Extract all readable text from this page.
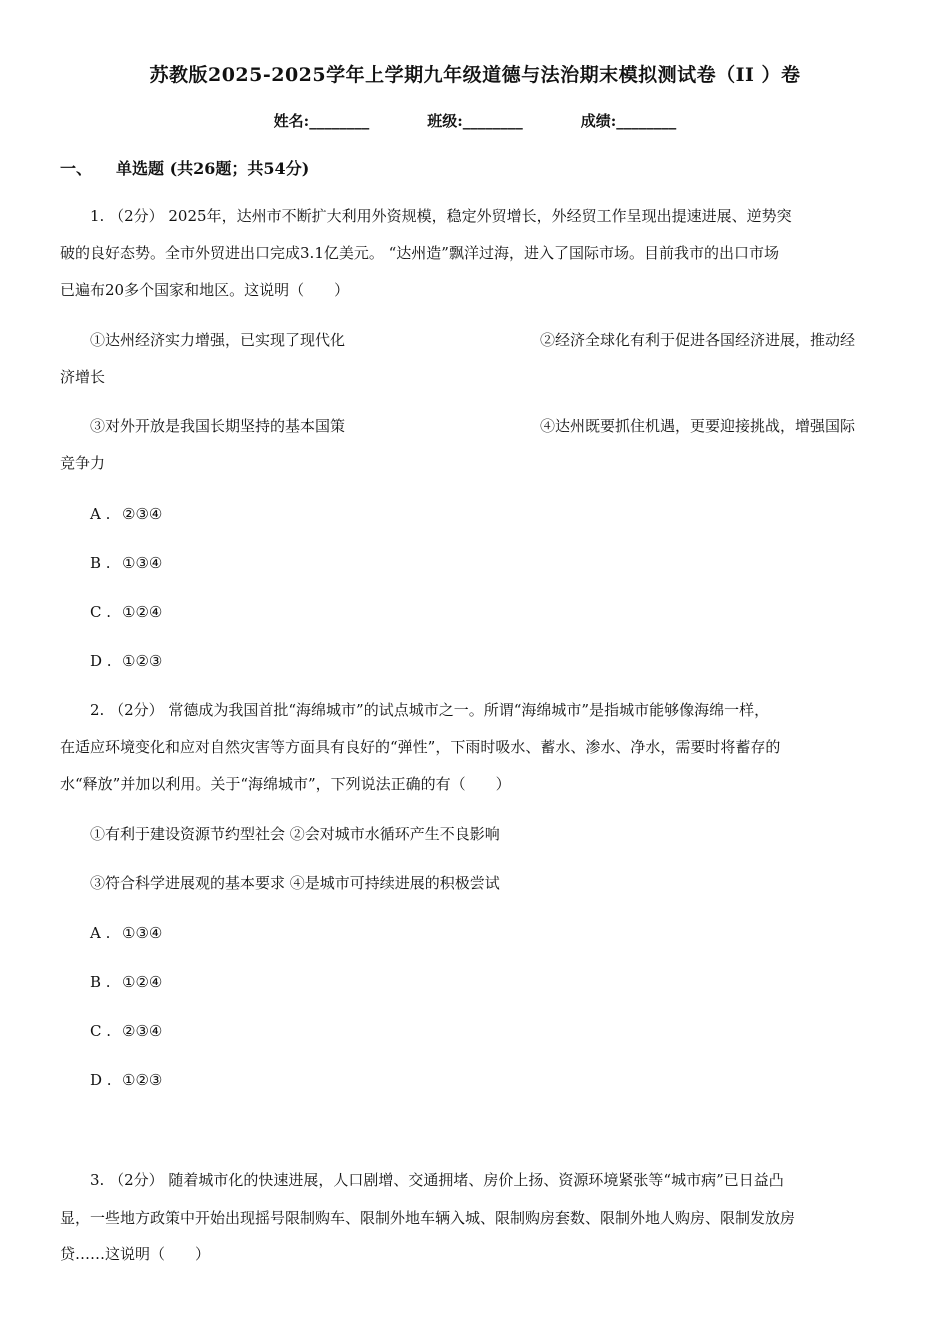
苏教版2025-2025学年上学期九年级道德与法治期末模拟测试卷（II ）卷
姓名:________	班级:________	成绩:________
一、 单选题 (共26题；共54分)
1. （2分） 2025年，达州市不断扩大利用外资规模，稳定外贸增长，外经贸工作呈现出提速进展、逆势突
破的良好态势。全市外贸进出口完成3.1亿美元。 “达州造”飘洋过海，进入了国际市场。目前我市的出口市场
已遍布20多个国家和地区。这说明（　　）
①达州经济实力增强，已实现了现代化	②经济全球化有利于促进各国经济进展，推动经
济增长
③对外开放是我国长期坚持的基本国策	④达州既要抓住机遇，更要迎接挑战，增强国际
竞争力
A . ②③④
B . ①③④
C . ①②④
D . ①②③
2. （2分） 常德成为我国首批“海绵城市”的试点城市之一。所谓“海绵城市”是指城市能够像海绵一样，
在适应环境变化和应对自然灾害等方面具有良好的“弹性”，下雨时吸水、蓄水、渗水、净水，需要时将蓄存的
水“释放”并加以利用。关于“海绵城市”，下列说法正确的有（　　）
①有利于建设资源节约型社会 ②会对城市水循环产生不良影响
③符合科学进展观的基本要求 ④是城市可持续进展的积极尝试
A . ①③④
B . ①②④
C . ②③④
D . ①②③
3. （2分） 随着城市化的快速进展，人口剧增、交通拥堵、房价上扬、资源环境紧张等“城市病”已日益凸
显，一些地方政策中开始出现摇号限制购车、限制外地车辆入城、限制购房套数、限制外地人购房、限制发放房
贷……这说明（　　）
